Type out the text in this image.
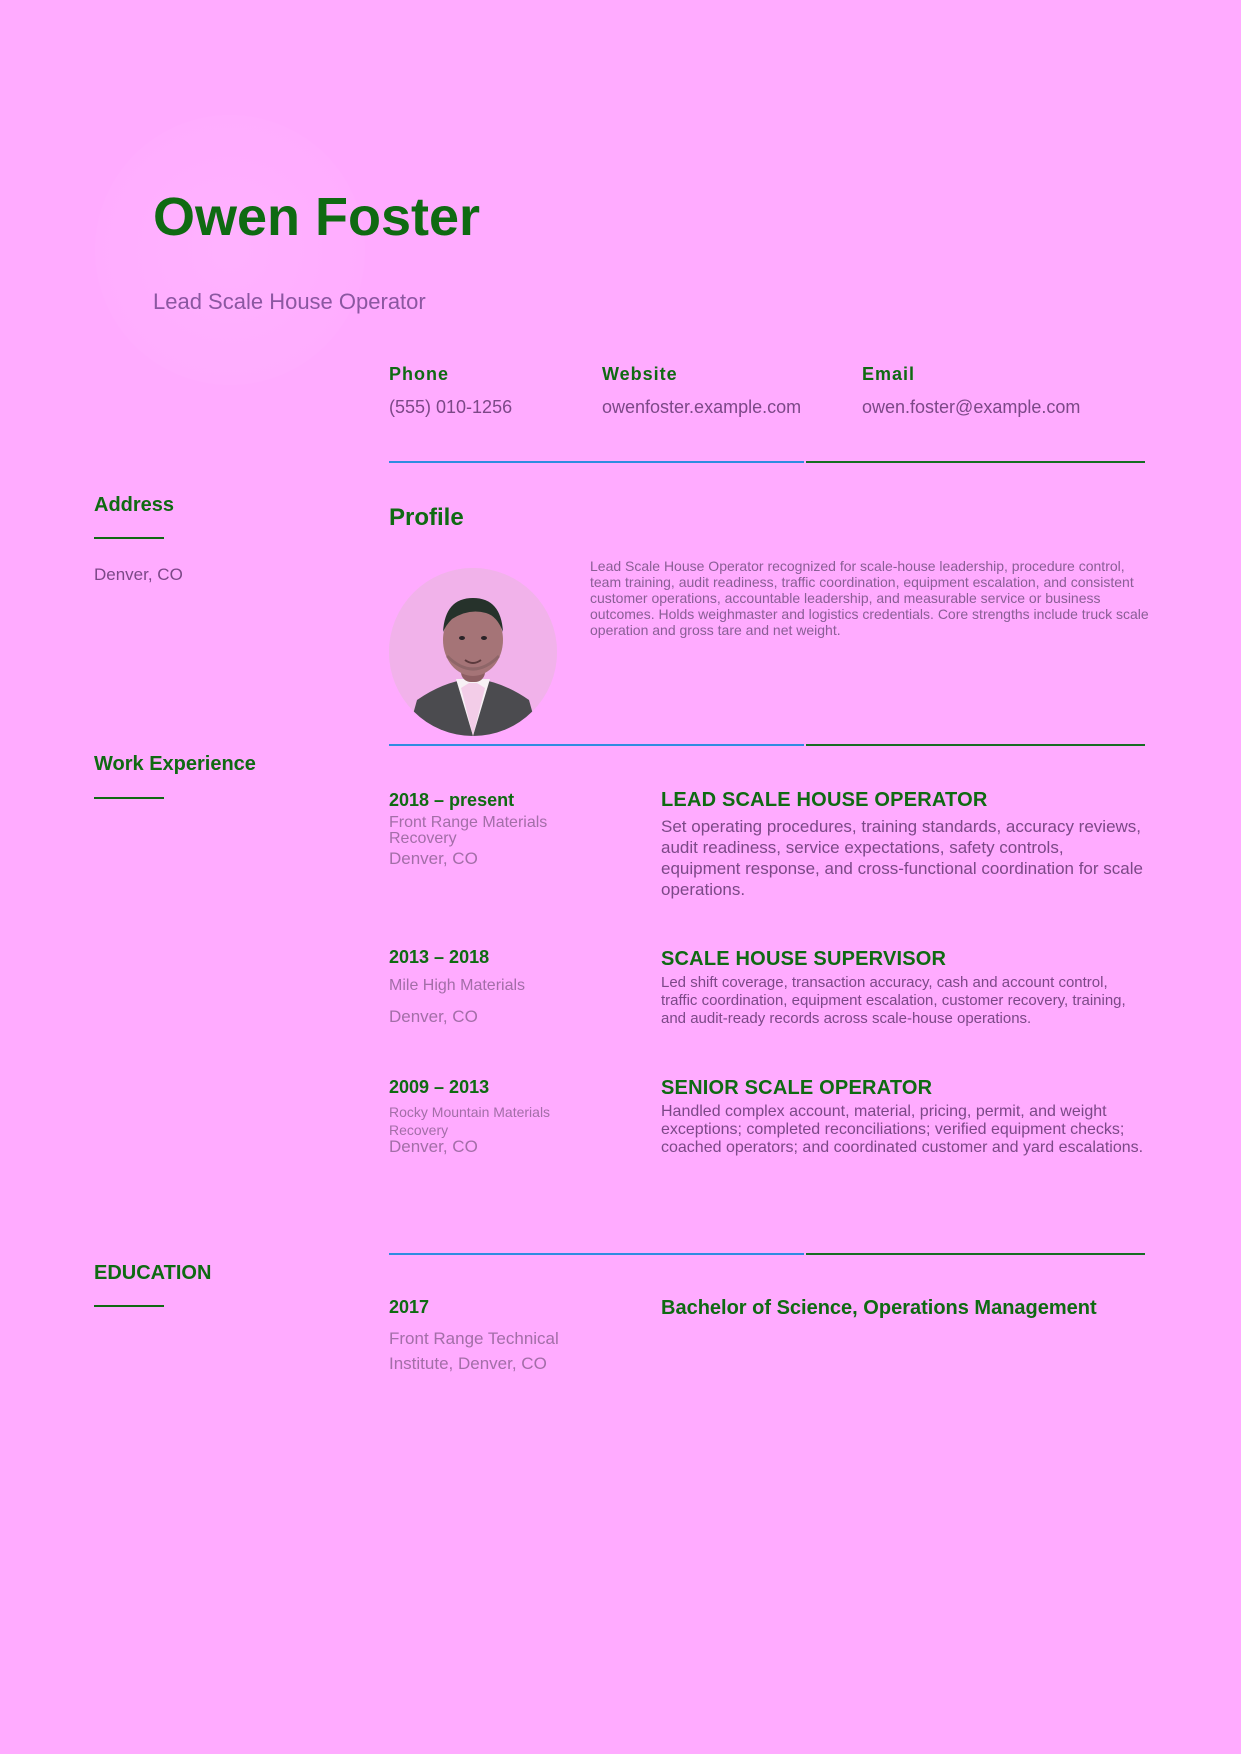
Owen Foster
Lead Scale House Operator
Phone
(555) 010-1256
Website
owenfoster.example.com
Email
owen.foster@example.com
Address
Denver, CO
Profile
Lead Scale House Operator recognized for scale-house leadership, procedure control, team training, audit readiness, traffic coordination, equipment escalation, and consistent customer operations, accountable leadership, and measurable service or business outcomes. Holds weighmaster and logistics credentials. Core strengths include truck scale operation and gross tare and net weight.
Work Experience
2018 – present
Front Range Materials Recovery
Denver, CO
LEAD SCALE HOUSE OPERATOR
Set operating procedures, training standards, accuracy reviews, audit readiness, service expectations, safety controls, equipment response, and cross-functional coordination for scale operations.
2013 – 2018
Mile High Materials
Denver, CO
SCALE HOUSE SUPERVISOR
Led shift coverage, transaction accuracy, cash and account control, traffic coordination, equipment escalation, customer recovery, training, and audit-ready records across scale-house operations.
2009 – 2013
Rocky Mountain Materials Recovery
Denver, CO
SENIOR SCALE OPERATOR
Handled complex account, material, pricing, permit, and weight exceptions; completed reconciliations; verified equipment checks; coached operators; and coordinated customer and yard escalations.
EDUCATION
2017
Front Range Technical Institute, Denver, CO
Bachelor of Science, Operations Management
